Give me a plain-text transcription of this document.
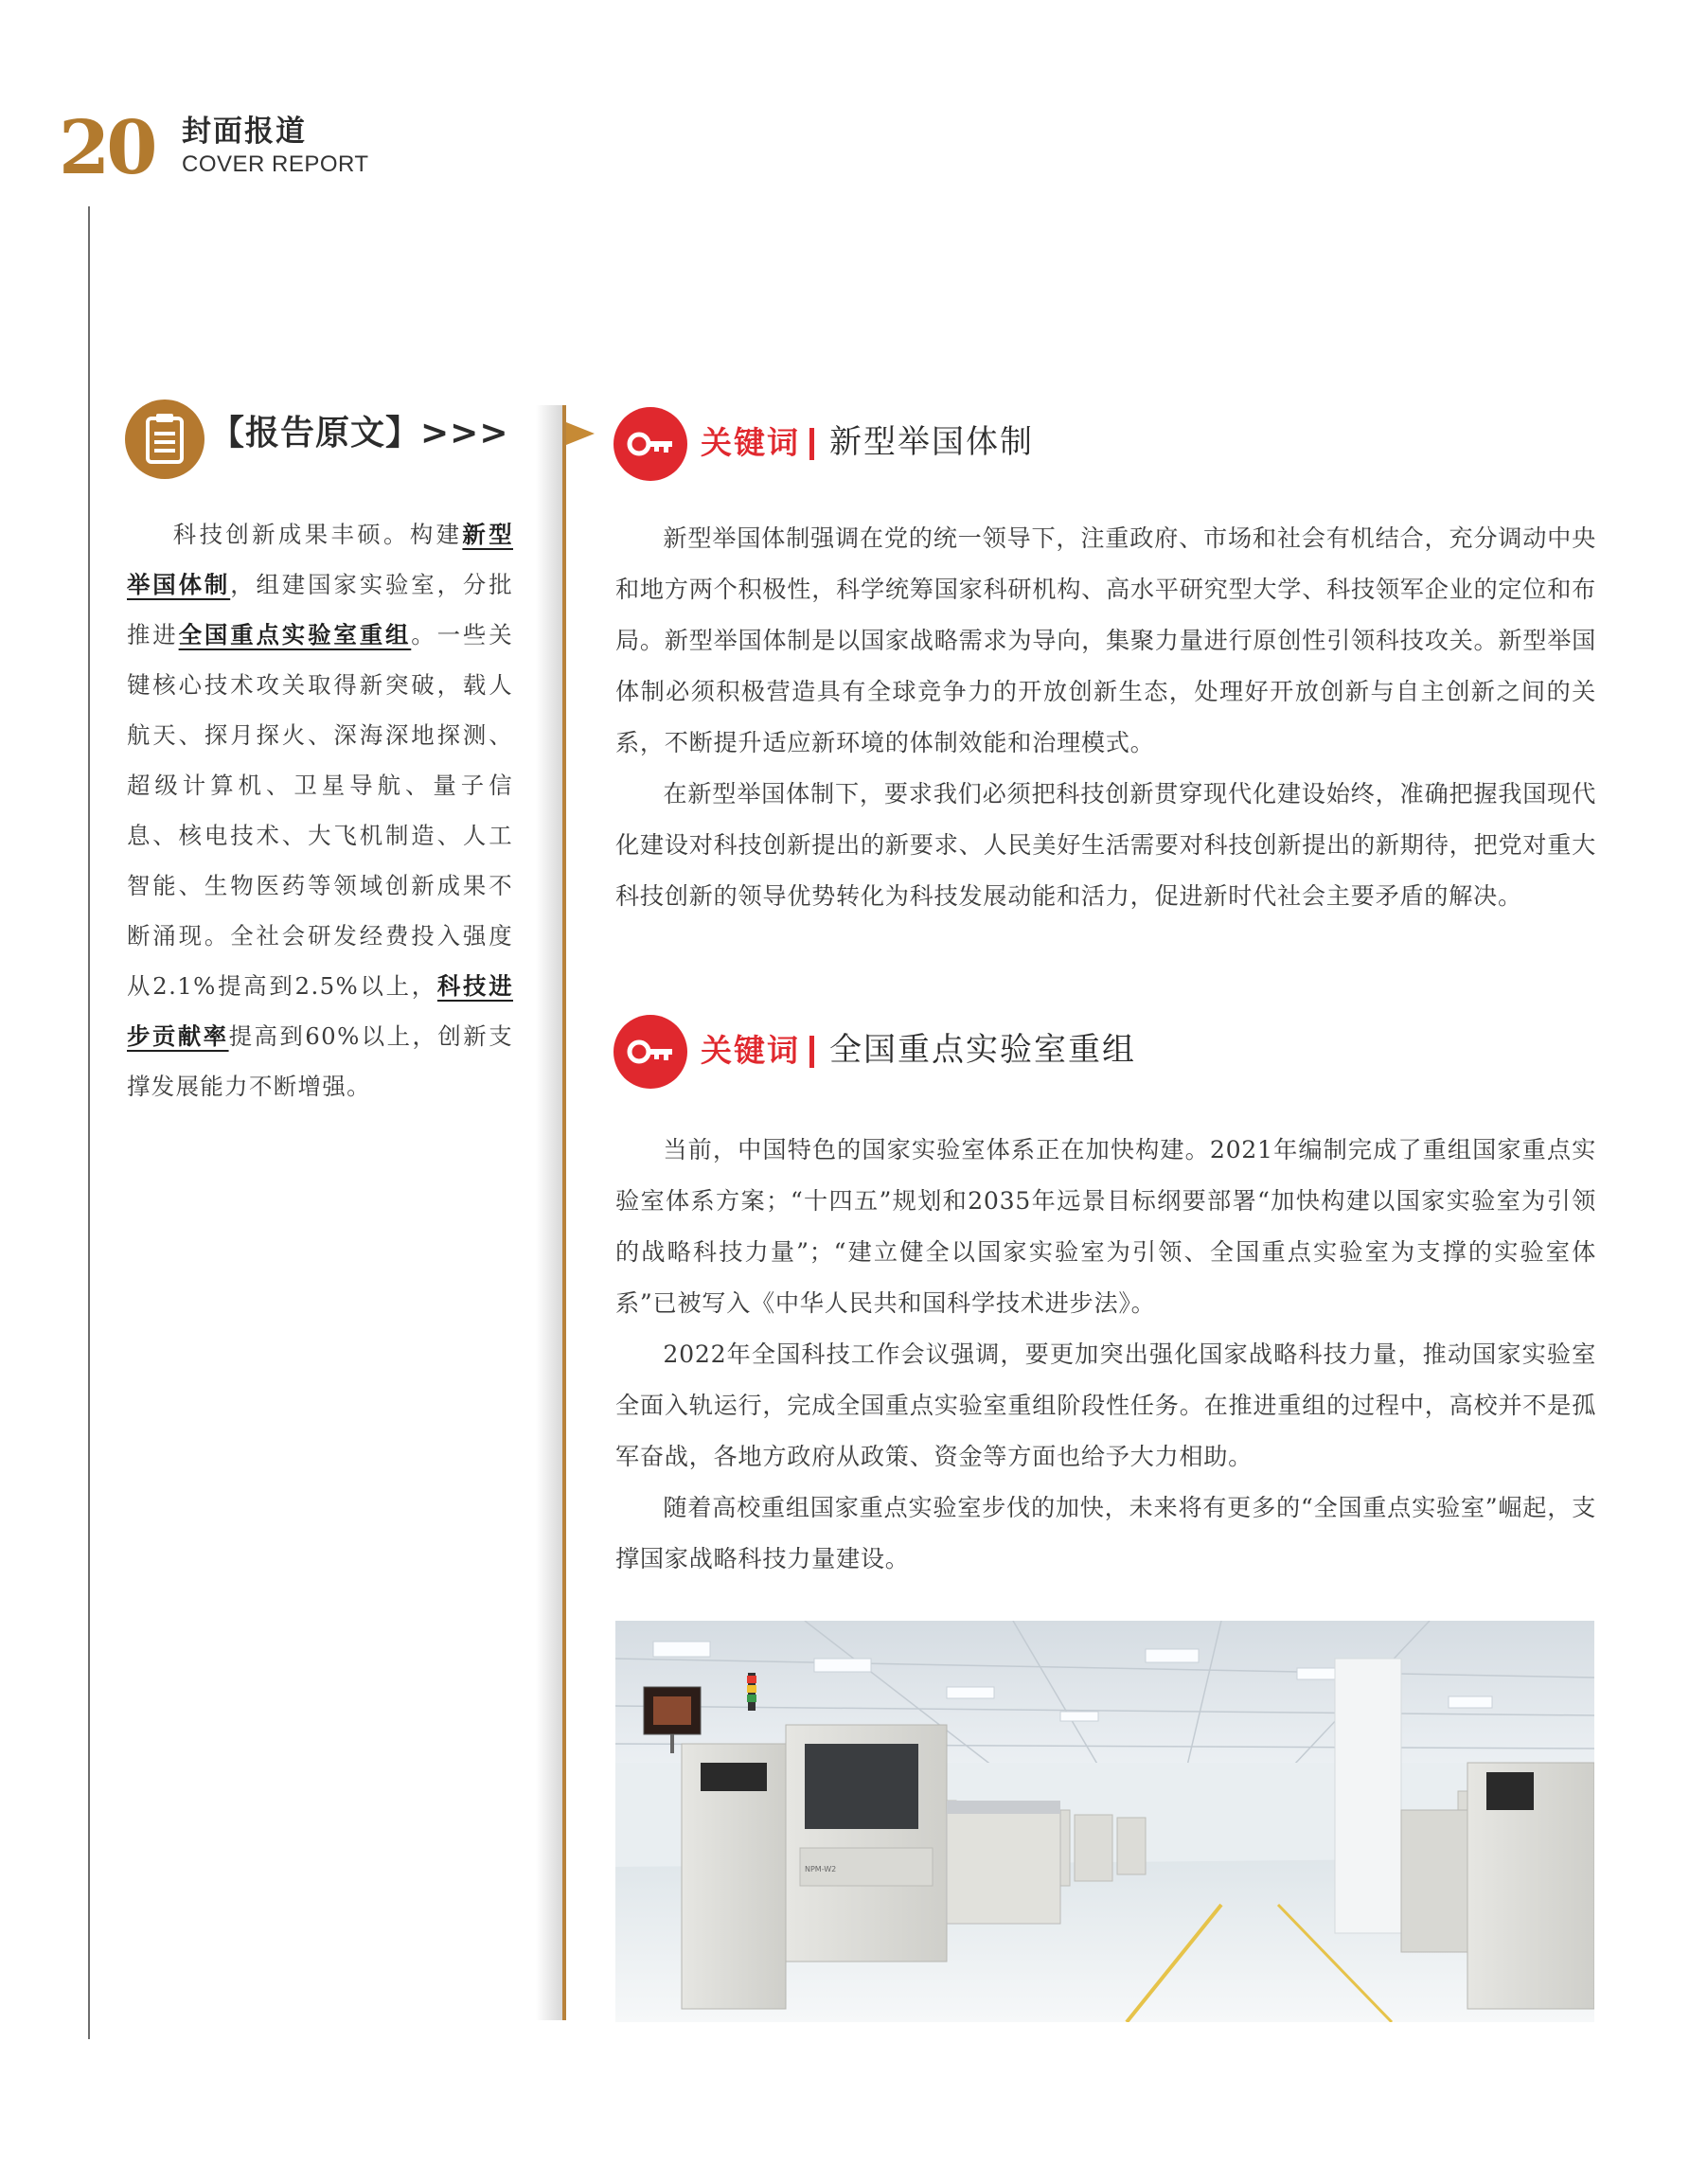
20 封面报道
COVER REPORT
【报告原文】>>>

科技创新成果丰硕。构建新型举国体制，组建国家实验室，分批推进全国重点实验室重组。一些关键核心技术攻关取得新突破，载人航天、探月探火、深海深地探测、超级计算机、卫星导航、量子信息、核电技术、大飞机制造、人工智能、生物医药等领域创新成果不断涌现。全社会研发经费投入强度从2.1%提高到2.5%以上，科技进步贡献率提高到60%以上，创新支撑发展能力不断增强。

关键词 新型举国体制

新型举国体制强调在党的统一领导下，注重政府、市场和社会有机结合，充分调动中央和地方两个积极性，科学统筹国家科研机构、高水平研究型大学、科技领军企业的定位和布局。新型举国体制是以国家战略需求为导向，集聚力量进行原创性引领科技攻关。新型举国体制必须积极营造具有全球竞争力的开放创新生态，处理好开放创新与自主创新之间的关系，不断提升适应新环境的体制效能和治理模式。

在新型举国体制下，要求我们必须把科技创新贯穿现代化建设始终，准确把握我国现代化建设对科技创新提出的新要求、人民美好生活需要对科技创新提出的新期待，把党对重大科技创新的领导优势转化为科技发展动能和活力，促进新时代社会主要矛盾的解决。

关键词 全国重点实验室重组

当前，中国特色的国家实验室体系正在加快构建。2021年编制完成了重组国家重点实验室体系方案；“十四五”规划和2035年远景目标纲要部署“加快构建以国家实验室为引领的战略科技力量”；“建立健全以国家实验室为引领、全国重点实验室为支撑的实验室体系”已被写入《中华人民共和国科学技术进步法》。

2022年全国科技工作会议强调，要更加突出强化国家战略科技力量，推动国家实验室全面入轨运行，完成全国重点实验室重组阶段性任务。在推进重组的过程中，高校并不是孤军奋战，各地方政府从政策、资金等方面也给予大力相助。

随着高校重组国家重点实验室步伐的加快，未来将有更多的“全国重点实验室”崛起，支撑国家战略科技力量建设。

NPM-W2
